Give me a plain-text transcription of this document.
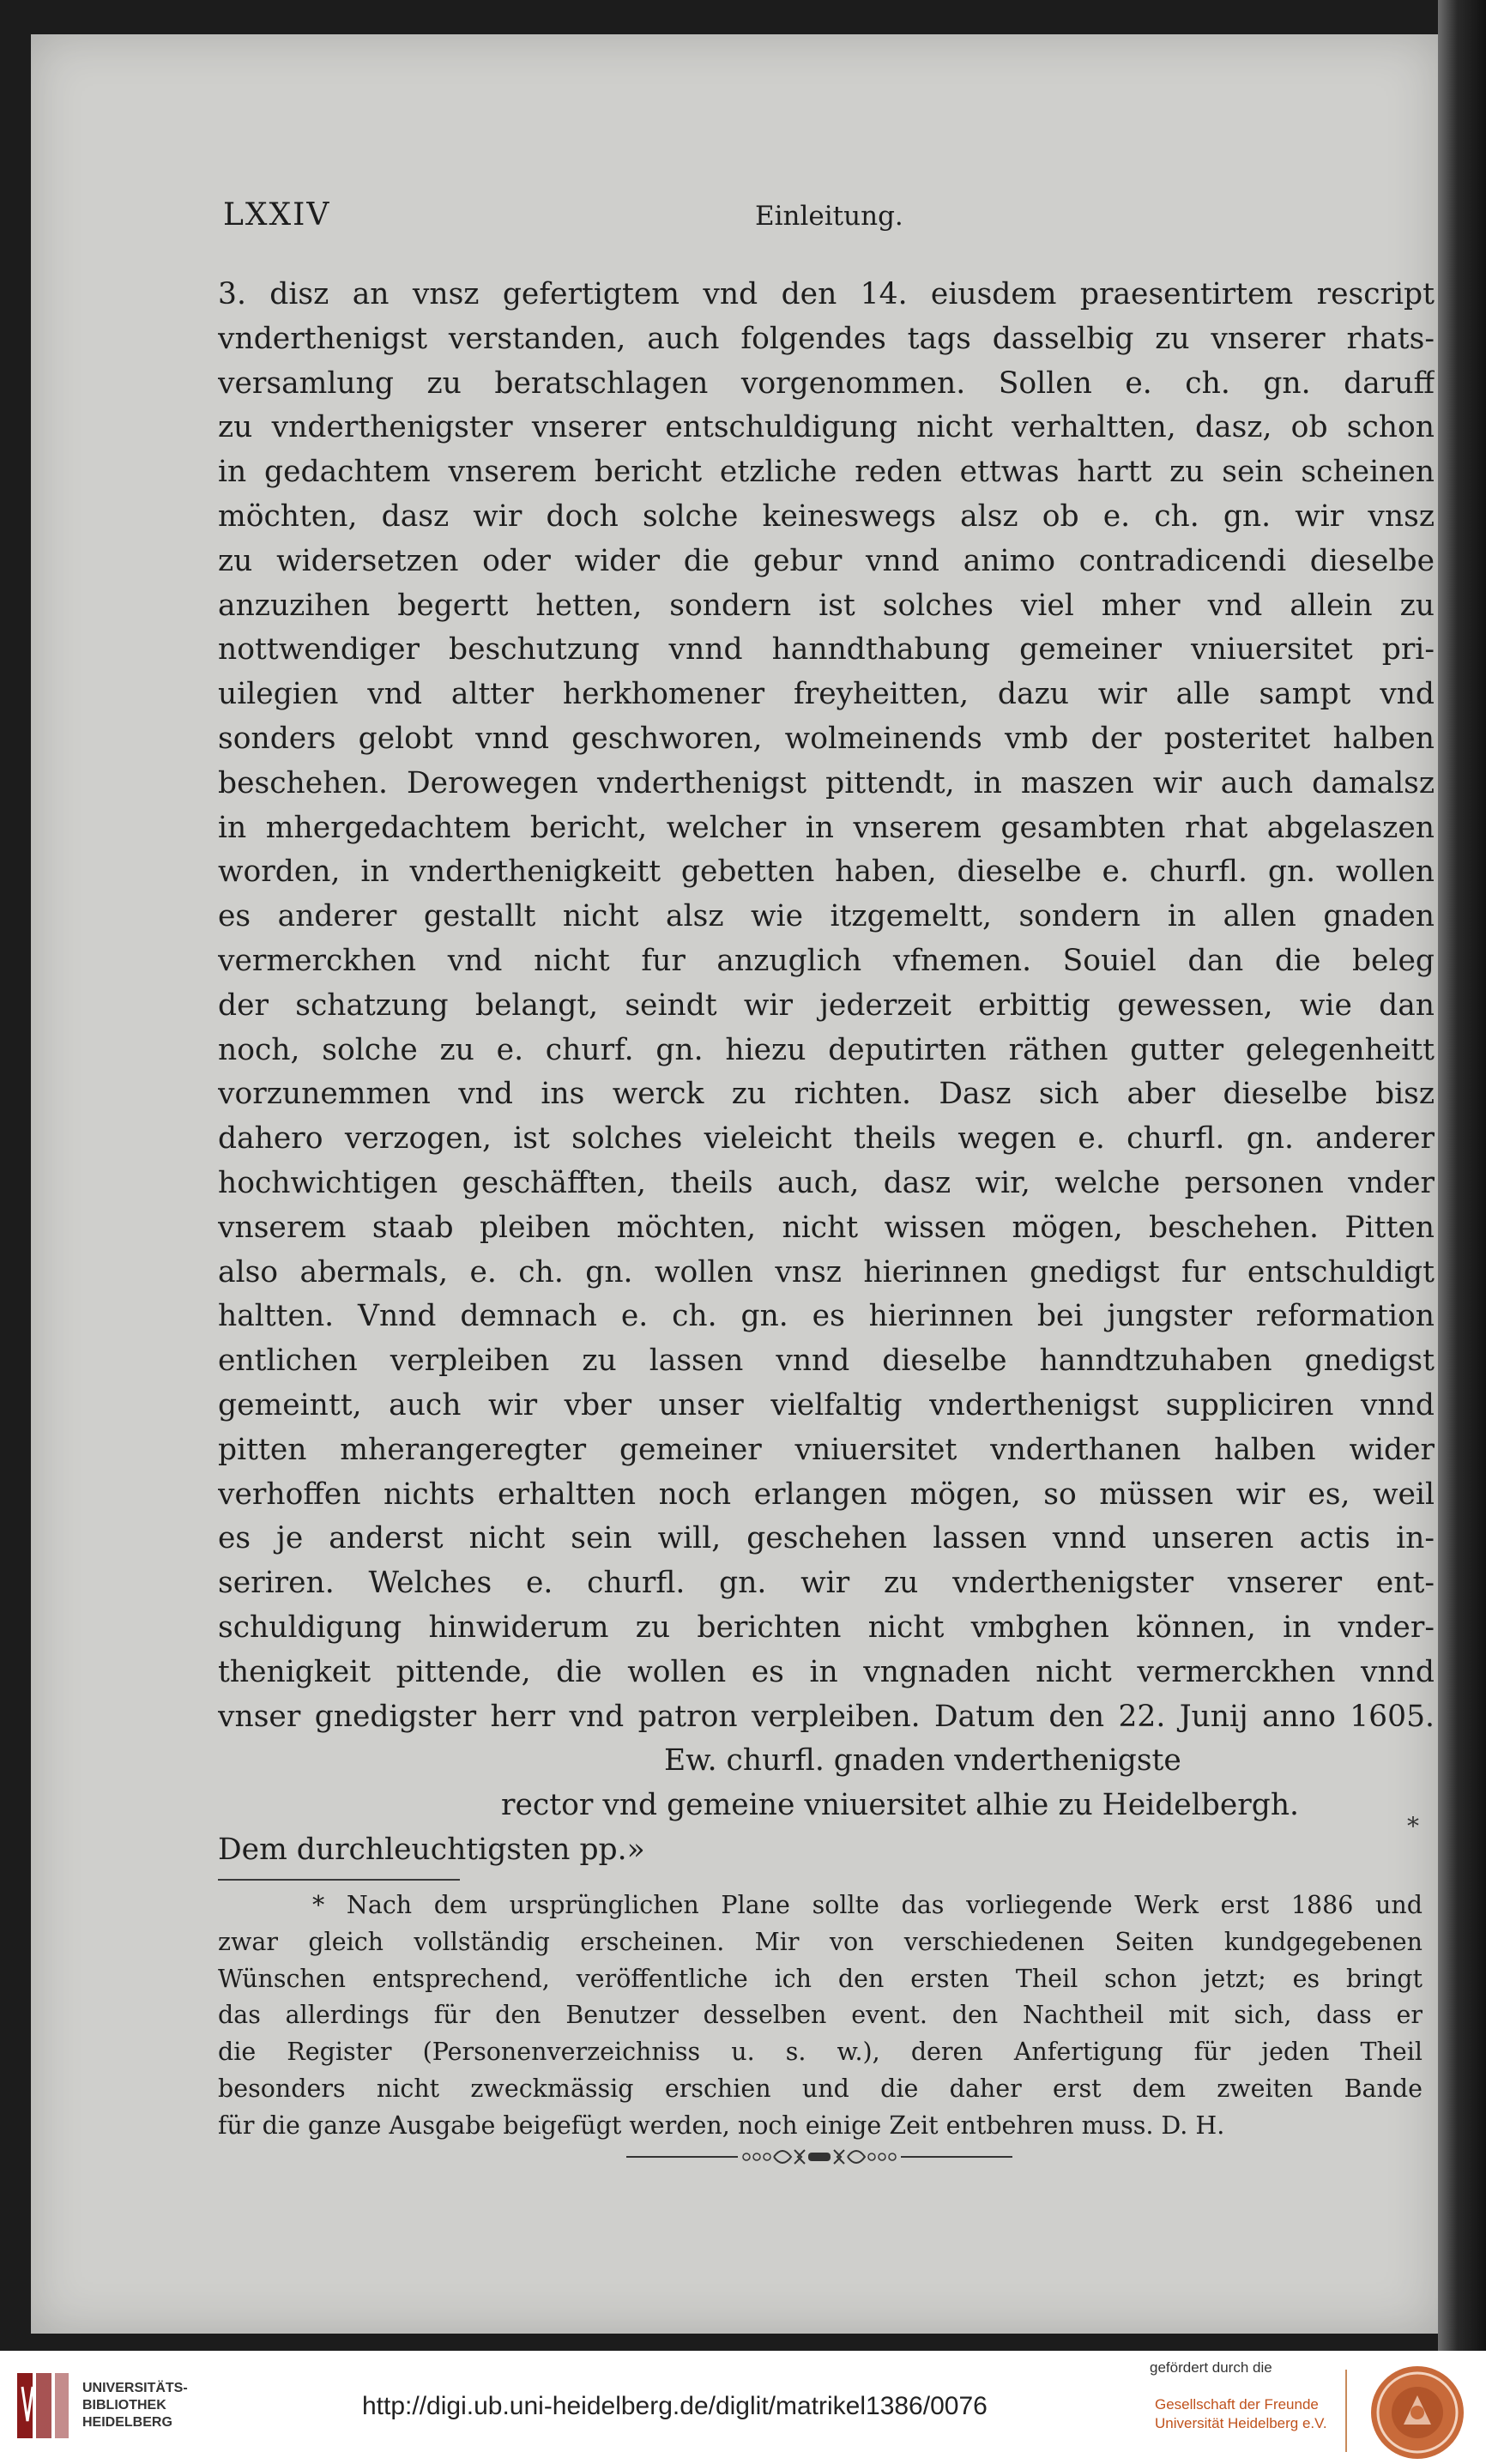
LXXIV	Einleitung.
3. disz an vnsz gefertigtem vnd den 14. eiusdem praesentirtem rescript
vnderthenigst verstanden, auch folgendes tags dasselbig zu vnserer rhats-
versamlung zu beratschlagen vorgenommen. Sollen e. ch. gn. daruff
zu vnderthenigster vnserer entschuldigung nicht verhaltten, dasz, ob schon
in gedachtem vnserem bericht etzliche reden ettwas hartt zu sein scheinen
möchten, dasz wir doch solche keineswegs alsz ob e. ch. gn. wir vnsz
zu widersetzen oder wider die gebur vnnd animo contradicendi dieselbe
anzuzihen begertt hetten, sondern ist solches viel mher vnd allein zu
nottwendiger beschutzung vnnd hanndthabung gemeiner vniuersitet pri-
uilegien vnd altter herkhomener freyheitten, dazu wir alle sampt vnd
sonders gelobt vnnd geschworen, wolmeinends vmb der posteritet halben
beschehen. Derowegen vnderthenigst pittendt, in maszen wir auch damalsz
in mhergedachtem bericht, welcher in vnserem gesambten rhat abgelaszen
worden, in vnderthenigkeitt gebetten haben, dieselbe e. churfl. gn. wollen
es anderer gestallt nicht alsz wie itzgemeltt, sondern in allen gnaden
vermerckhen vnd nicht fur anzuglich vfnemen. Souiel dan die beleg
der schatzung belangt, seindt wir jederzeit erbittig gewessen, wie dan
noch, solche zu e. churf. gn. hiezu deputirten räthen gutter gelegenheitt
vorzunemmen vnd ins werck zu richten. Dasz sich aber dieselbe bisz
dahero verzogen, ist solches vieleicht theils wegen e. churfl. gn. anderer
hochwichtigen geschäfften, theils auch, dasz wir, welche personen vnder
vnserem staab pleiben möchten, nicht wissen mögen, beschehen. Pitten
also abermals, e. ch. gn. wollen vnsz hierinnen gnedigst fur entschuldigt
haltten. Vnnd demnach e. ch. gn. es hierinnen bei jungster reformation
entlichen verpleiben zu lassen vnnd dieselbe hanndtzuhaben gnedigst
gemeintt, auch wir vber unser vielfaltig vnderthenigst suppliciren vnnd
pitten mherangeregter gemeiner vniuersitet vnderthanen halben wider
verhoffen nichts erhaltten noch erlangen mögen, so müssen wir es, weil
es je anderst nicht sein will, geschehen lassen vnnd unseren actis in-
seriren. Welches e. churfl. gn. wir zu vnderthenigster vnserer ent-
schuldigung hinwiderum zu berichten nicht vmbghen können, in vnder-
thenigkeit pittende, die wollen es in vngnaden nicht vermerckhen vnnd
vnser gnedigster herr vnd patron verpleiben. Datum den 22. Junij anno 1605.
Ew. churfl. gnaden vnderthenigste
rector vnd gemeine vniuersitet alhie zu Heidelbergh.
Dem durchleuchtigsten pp.»
*
* Nach dem ursprünglichen Plane sollte das vorliegende Werk erst 1886 und
zwar gleich vollständig erscheinen. Mir von verschiedenen Seiten kundgegebenen
Wünschen entsprechend, veröffentliche ich den ersten Theil schon jetzt; es bringt
das allerdings für den Benutzer desselben event. den Nachtheil mit sich, dass er
die Register (Personenverzeichniss u. s. w.), deren Anfertigung für jeden Theil
besonders nicht zweckmässig erschien und die daher erst dem zweiten Bande
für die ganze Ausgabe beigefügt werden, noch einige Zeit entbehren muss. D. H.
UNIVERSITÄTS-
BIBLIOTHEK
HEIDELBERG
http://digi.ub.uni-heidelberg.de/diglit/matrikel1386/0076
gefördert durch die
Gesellschaft der Freunde
Universität Heidelberg e.V.
